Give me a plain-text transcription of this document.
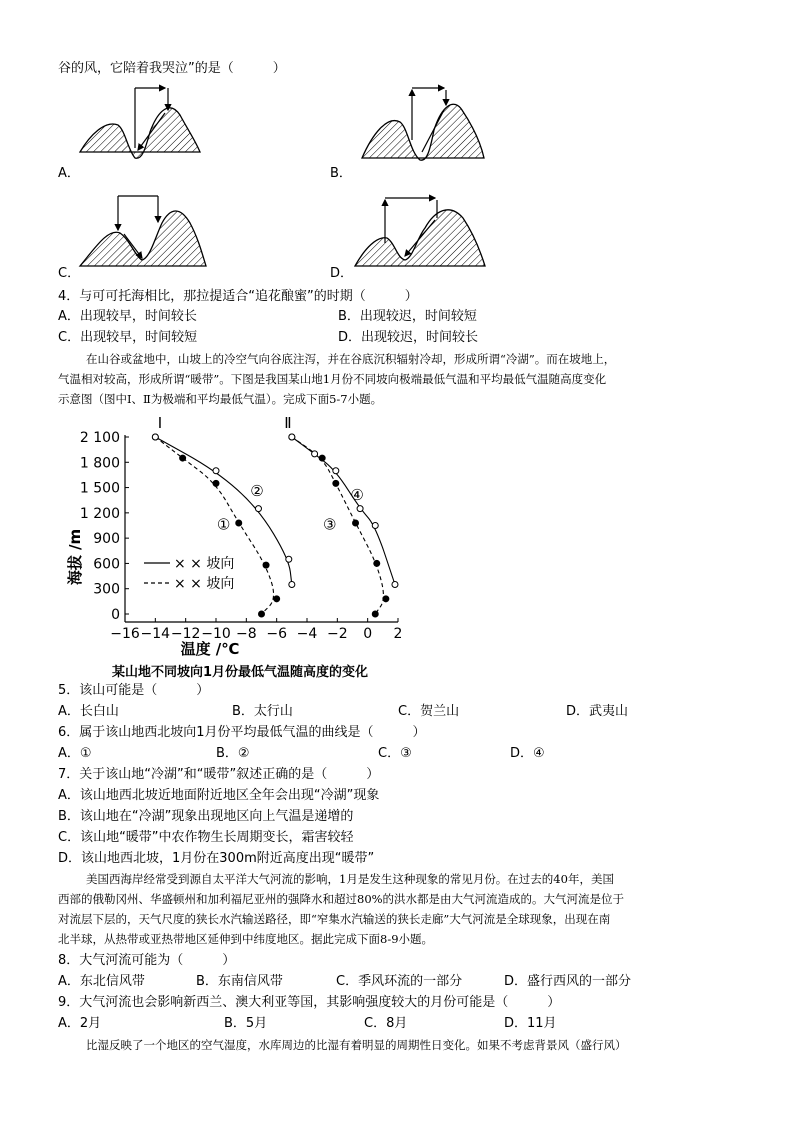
谷的风，它陪着我哭泣”的是（　　　）
A．	B．
C．	D．
4．与可可托海相比，那拉提适合“追花酿蜜”的时期（　　　）
A．出现较早，时间较长	B．出现较迟，时间较短
C．出现较早，时间较短	D．出现较迟，时间较长
在山谷或盆地中，山坡上的冷空气向谷底注泻，并在谷底沉积辐射冷却，形成所谓“冷湖”。而在坡地上，
气温相对较高，形成所谓“暖带”。下图是我国某山地1月份不同坡向极端最低气温和平均最低气温随高度变化
示意图（图中Ⅰ、Ⅱ为极端和平均最低气温）。完成下面5-7小题。
0
300
600
900
1 200
1 500
1 800
2 100
−16 −14 −12 −10 −8 −6 −4 −2 0 2
①
②
③
④
海拔 /m
温度 /℃
某山地不同坡向1月份最低气温随高度的变化
Ⅰ	Ⅱ
× × 坡向
× × 坡向
5．该山可能是（　　　）
A．长白山	B．太行山	C．贺兰山	D．武夷山
6．属于该山地西北坡向1月份平均最低气温的曲线是（　　　）
A．①	B．②	C．③	D．④
7．关于该山地“冷湖”和“暖带”叙述正确的是（　　　）
A．该山地西北坡近地面附近地区全年会出现“冷湖”现象
B．该山地在“冷湖”现象出现地区向上气温是递增的
C．该山地“暖带”中农作物生长周期变长，霜害较轻
D．该山地西北坡，1月份在300m附近高度出现“暖带”
美国西海岸经常受到源自太平洋大气河流的影响，1月是发生这种现象的常见月份。在过去的40年，美国
西部的俄勒冈州、华盛顿州和加利福尼亚州的强降水和超过80%的洪水都是由大气河流造成的。大气河流是位于
对流层下层的，天气尺度的狭长水汽输送路径，即“窄集水汽输送的狭长走廊”大气河流是全球现象，出现在南
北半球，从热带或亚热带地区延伸到中纬度地区。据此完成下面8-9小题。
8．大气河流可能为（　　　）
A．东北信风带	B．东南信风带	C．季风环流的一部分	D．盛行西风的一部分
9．大气河流也会影响新西兰、澳大利亚等国，其影响强度较大的月份可能是（　　　）
A．2月	B．5月	C．8月	D．11月
比湿反映了一个地区的空气湿度，水库周边的比湿有着明显的周期性日变化。如果不考虑背景风（盛行风）
